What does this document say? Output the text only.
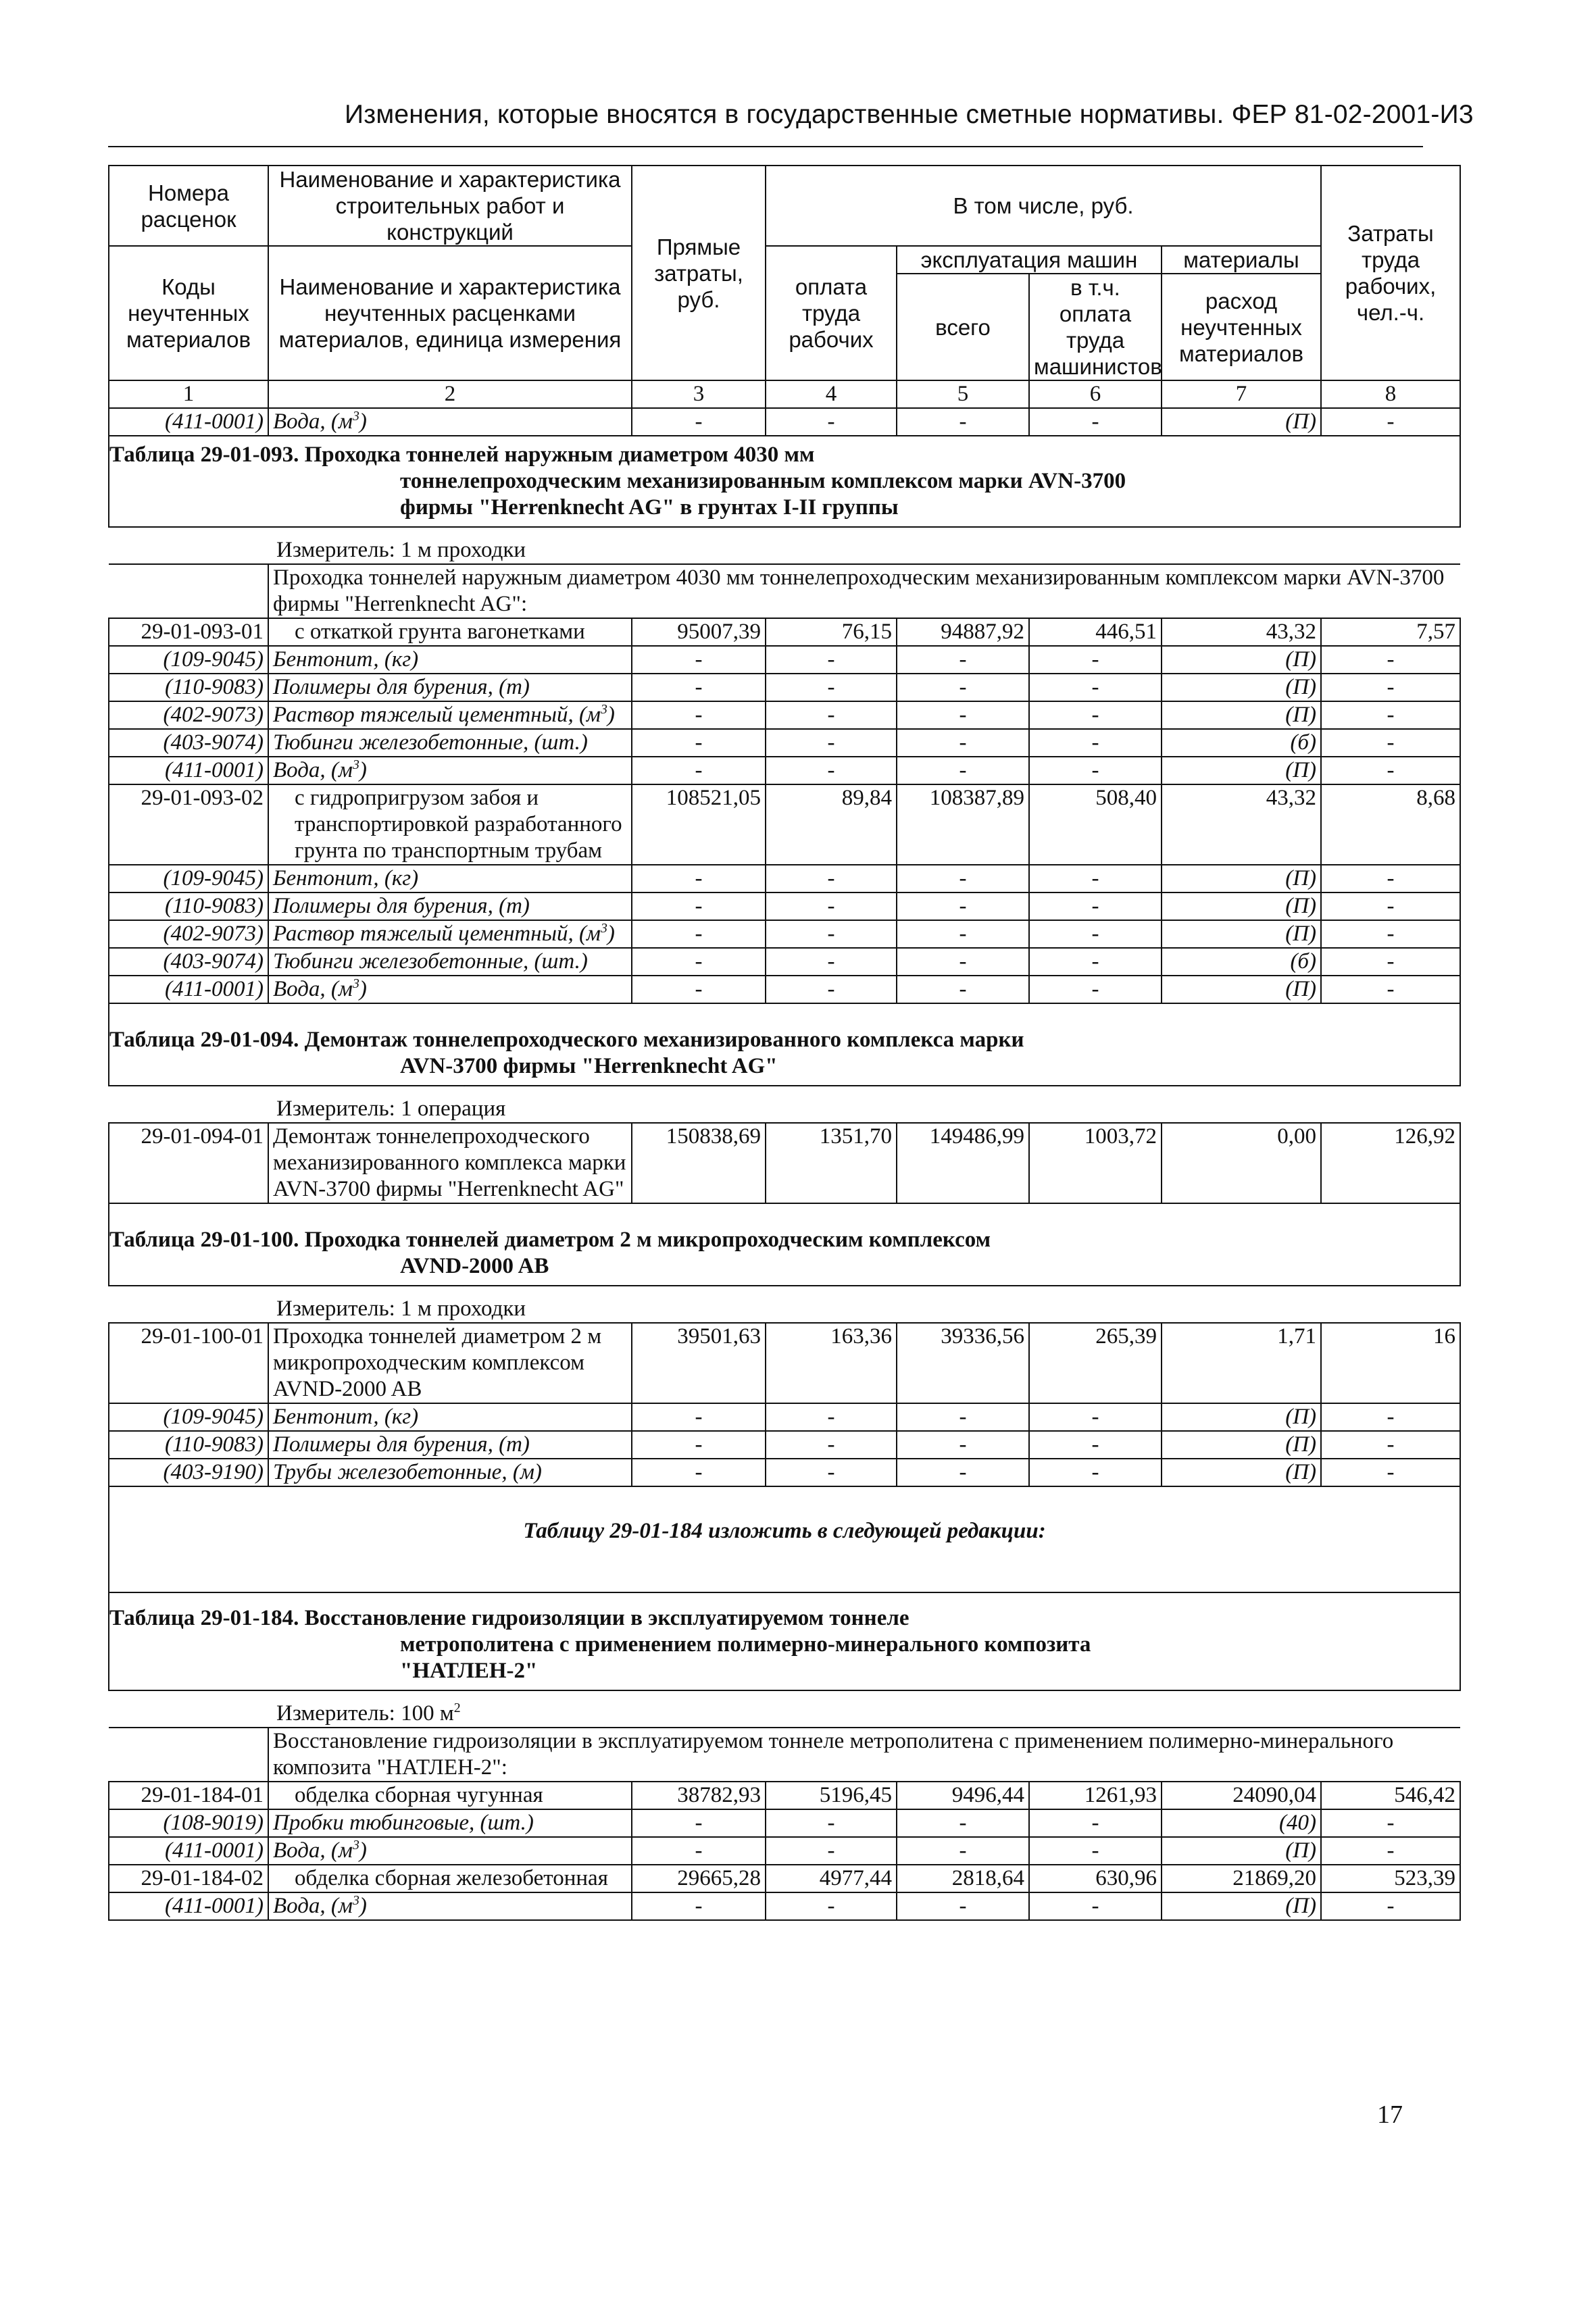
Изменения, которые вносятся в государственные сметные нормативы. ФЕР 81-02-2001-И3
Номера расценок	Наименование и характеристика строительных работ и конструкций	Прямые затраты, руб.	В том числе, руб.				Затраты труда рабочих, чел.-ч.
Коды неучтенных материалов	Наименование и характеристика неучтенных расценками материалов, единица измерения		оплата труда рабочих	эксплуатация машин		материалы	
				всего	в т.ч. оплата труда машинистов	расход неучтенных материалов	
1	2	3	4	5	6	7	8
(411-0001)	Вода, $(м^3)$	-	-	-	-	(П)	-
Таблица 29-01-093. Проходка тоннелей наружным диаметром 4030 мм
тоннелепроходческим механизированным комплексом марки AVN-3700
фирмы "Herrenknecht AG" в грунтах I-II группы							

Измеритель: 1 м проходки							
	Проходка тоннелей наружным диаметром 4030 мм тоннелепроходческим механизированным комплексом марки AVN-3700 фирмы "Herrenknecht AG":						
29-01-093-01	с откаткой грунта вагонетками	95007,39	76,15	94887,92	446,51	43,32	7,57
(109-9045)	Бентонит, (кг)	-	-	-	-	(П)	-
(110-9083)	Полимеры для бурения, (т)	-	-	-	-	(П)	-
(402-9073)	Раствор тяжелый цементный, $(м^3)$	-	-	-	-	(П)	-
(403-9074)	Тюбинги железобетонные, (шт.)	-	-	-	-	(б)	-
(411-0001)	Вода, $(м^3)$	-	-	-	-	(П)	-
29-01-093-02	с гидропригрузом забоя и транспортировкой разработанного грунта по транспортным трубам	108521,05	89,84	108387,89	508,40	43,32	8,68
(109-9045)	Бентонит, (кг)	-	-	-	-	(П)	-
(110-9083)	Полимеры для бурения, (т)	-	-	-	-	(П)	-
(402-9073)	Раствор тяжелый цементный, $(м^3)$	-	-	-	-	(П)	-
(403-9074)	Тюбинги железобетонные, (шт.)	-	-	-	-	(б)	-
(411-0001)	Вода, $(м^3)$	-	-	-	-	(П)	-
Таблица 29-01-094. Демонтаж тоннелепроходческого механизированного комплекса марки
AVN-3700 фирмы "Herrenknecht AG"							

Измеритель: 1 операция							
29-01-094-01	Демонтаж тоннелепроходческого механизированного комплекса марки AVN-3700 фирмы "Herrenknecht AG"	150838,69	1351,70	149486,99	1003,72	0,00	126,92
Таблица 29-01-100. Проходка тоннелей диаметром 2 м микропроходческим комплексом
AVND-2000 AB							

Измеритель: 1 м проходки							
29-01-100-01	Проходка тоннелей диаметром 2 м микропроходческим комплексом AVND-2000 AB	39501,63	163,36	39336,56	265,39	1,71	16
(109-9045)	Бентонит, (кг)	-	-	-	-	(П)	-
(110-9083)	Полимеры для бурения, (т)	-	-	-	-	(П)	-
(403-9190)	Трубы железобетонные, (м)	-	-	-	-	(П)	-
Таблицу 29-01-184 изложить в следующей редакции:							
Таблица 29-01-184. Восстановление гидроизоляции в эксплуатируемом тоннеле
метрополитена с применением полимерно-минерального композита
"НАТЛЕН-2"							

Измеритель: 100 $м^2$
	Восстановление гидроизоляции в эксплуатируемом тоннеле метрополитена с применением полимерно-минерального композита "НАТЛЕН-2":						
29-01-184-01	обделка сборная чугунная	38782,93	5196,45	9496,44	1261,93	24090,04	546,42
(108-9019)	Пробки тюбинговые, (шт.)	-	-	-	-	(40)	-
(411-0001)	Вода, $(м^3)$	-	-	-	-	(П)	-
29-01-184-02	обделка сборная железобетонная	29665,28	4977,44	2818,64	630,96	21869,20	523,39
(411-0001)	Вода, $(м^3)$	-	-	-	-	(П)	-
17
